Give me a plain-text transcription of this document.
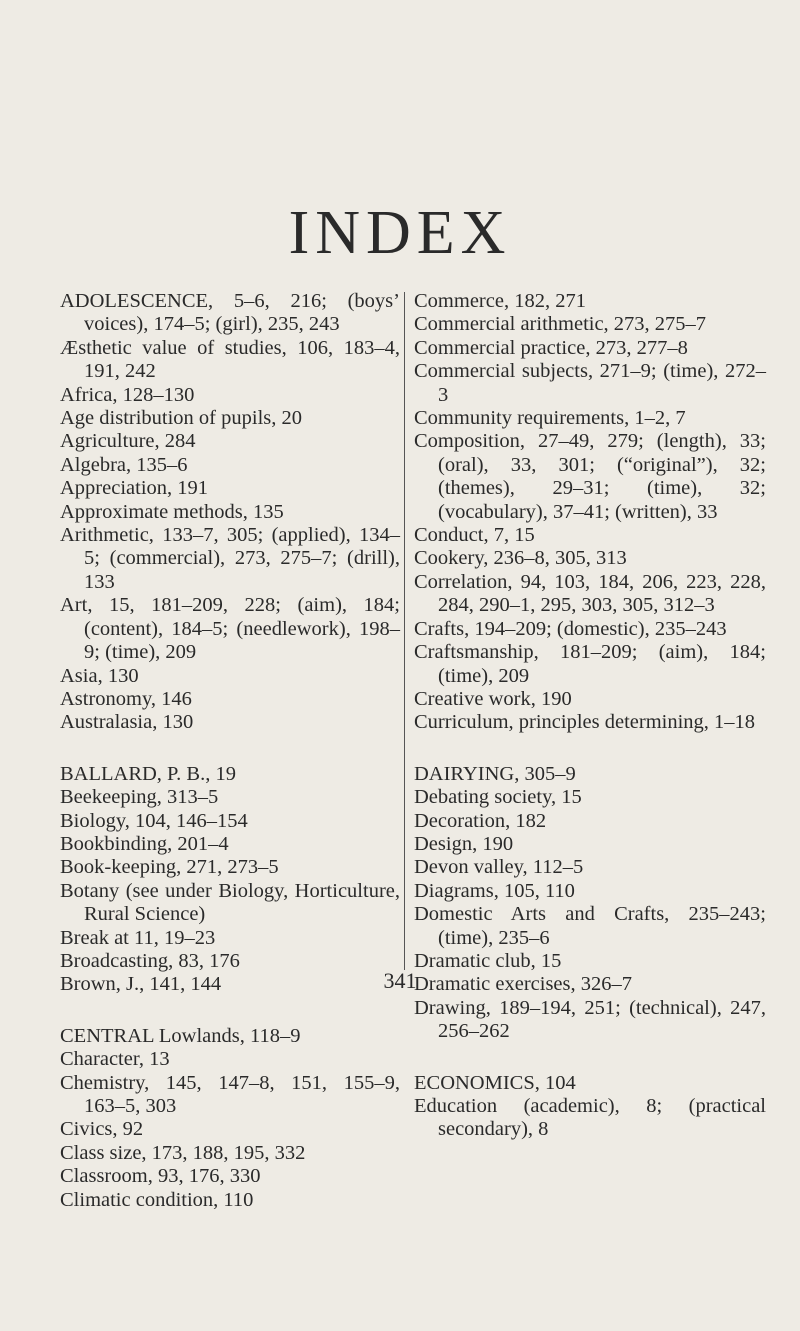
INDEX

ADOLESCENCE, 5–6, 216; (boys’ voices), 174–5; (girl), 235, 243

Æsthetic value of studies, 106, 183–4, 191, 242

Africa, 128–130

Age distribution of pupils, 20

Agriculture, 284

Algebra, 135–6

Appreciation, 191

Approximate methods, 135

Arithmetic, 133–7, 305; (applied), 134–5; (commercial), 273, 275–7; (drill), 133

Art, 15, 181–209, 228; (aim), 184; (content), 184–5; (needlework), 198–9; (time), 209

Asia, 130

Astronomy, 146

Australasia, 130

BALLARD, P. B., 19

Beekeeping, 313–5

Biology, 104, 146–154

Bookbinding, 201–4

Book-keeping, 271, 273–5

Botany (see under Biology, Horticulture, Rural Science)

Break at 11, 19–23

Broadcasting, 83, 176

Brown, J., 141, 144

CENTRAL Lowlands, 118–9

Character, 13

Chemistry, 145, 147–8, 151, 155–9, 163–5, 303

Civics, 92

Class size, 173, 188, 195, 332

Classroom, 93, 176, 330

Climatic condition, 110

Commerce, 182, 271

Commercial arithmetic, 273, 275–7

Commercial practice, 273, 277–8

Commercial subjects, 271–9; (time), 272–3

Community requirements, 1–2, 7

Composition, 27–49, 279; (length), 33; (oral), 33, 301; (“original”), 32; (themes), 29–31; (time), 32; (vocabulary), 37–41; (written), 33

Conduct, 7, 15

Cookery, 236–8, 305, 313

Correlation, 94, 103, 184, 206, 223, 228, 284, 290–1, 295, 303, 305, 312–3

Crafts, 194–209; (domestic), 235–243

Craftsmanship, 181–209; (aim), 184; (time), 209

Creative work, 190

Curriculum, principles determining, 1–18

DAIRYING, 305–9

Debating society, 15

Decoration, 182

Design, 190

Devon valley, 112–5

Diagrams, 105, 110

Domestic Arts and Crafts, 235–243; (time), 235–6

Dramatic club, 15

Dramatic exercises, 326–7

Drawing, 189–194, 251; (technical), 247, 256–262

ECONOMICS, 104

Education (academic), 8; (practical secondary), 8

341
